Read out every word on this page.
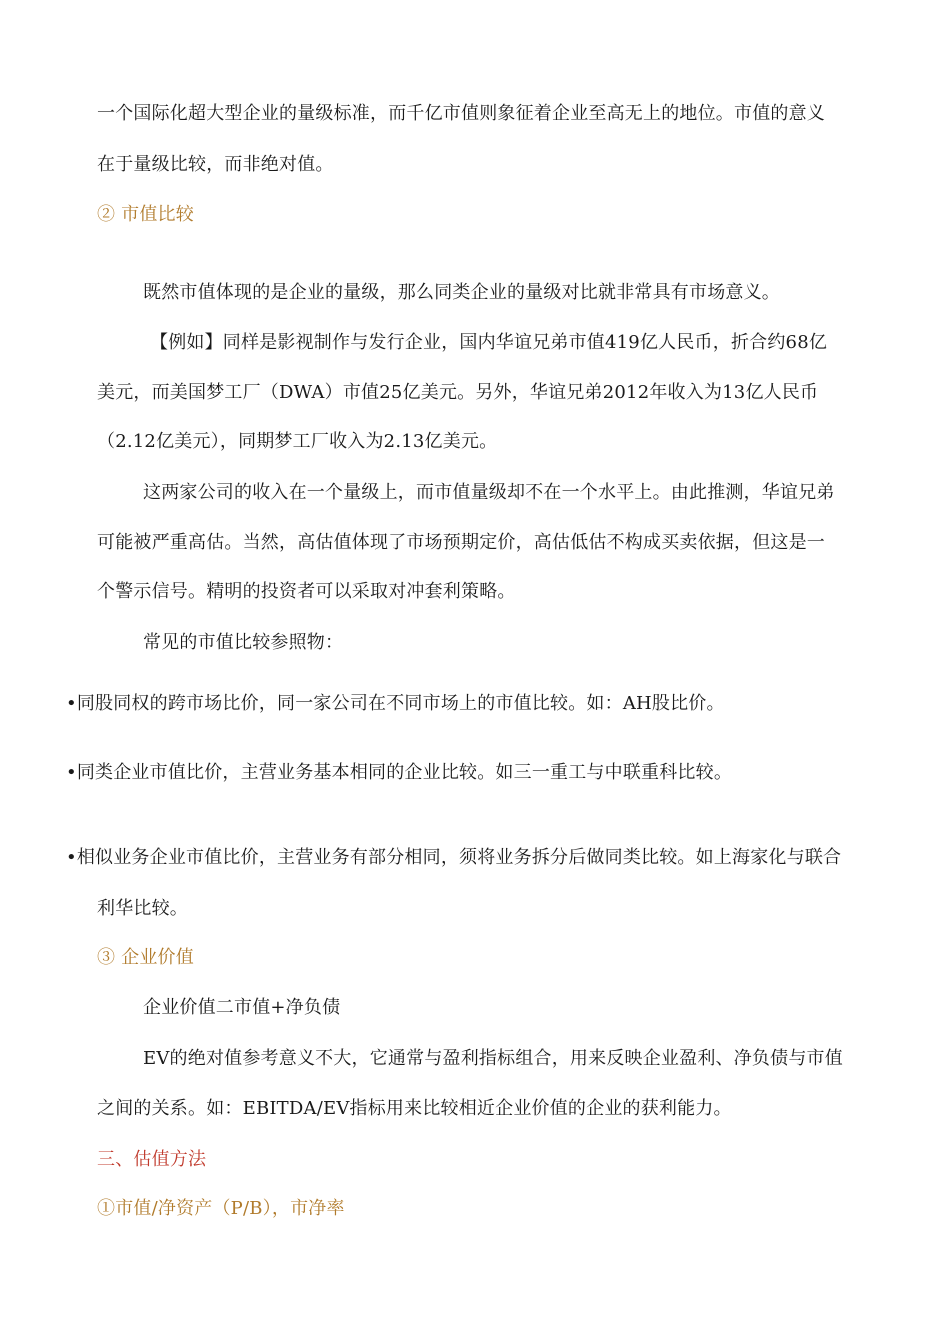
一个国际化超大型企业的量级标准，而千亿市值则象征着企业至高无上的地位。市值的意义
在于量级比较，而非绝对值。
② 市值比较
既然市值体现的是企业的量级，那么同类企业的量级对比就非常具有市场意义。
【例如】同样是影视制作与发行企业，国内华谊兄弟市值419亿人民币，折合约68亿
美元，而美国梦工厂（DWA）市值25亿美元。另外，华谊兄弟2012年收入为13亿人民币
（2.12亿美元），同期梦工厂收入为2.13亿美元。
这两家公司的收入在一个量级上，而市值量级却不在一个水平上。由此推测，华谊兄弟
可能被严重高估。当然，高估值体现了市场预期定价，高估低估不构成买卖依据，但这是一
个警示信号。精明的投资者可以采取对冲套利策略。
常见的市值比较参照物：
•同股同权的跨市场比价，同一家公司在不同市场上的市值比较。如：AH股比价。
•同类企业市值比价，主营业务基本相同的企业比较。如三一重工与中联重科比较。
•相似业务企业市值比价，主营业务有部分相同，须将业务拆分后做同类比较。如上海家化与联合
利华比较。
③ 企业价值
企业价值二市值+净负债
EV的绝对值参考意义不大，它通常与盈利指标组合，用来反映企业盈利、净负债与市值
之间的关系。如：EBITDA/EV指标用来比较相近企业价值的企业的获利能力。
三、估值方法
①市值/净资产（P/B），市净率
